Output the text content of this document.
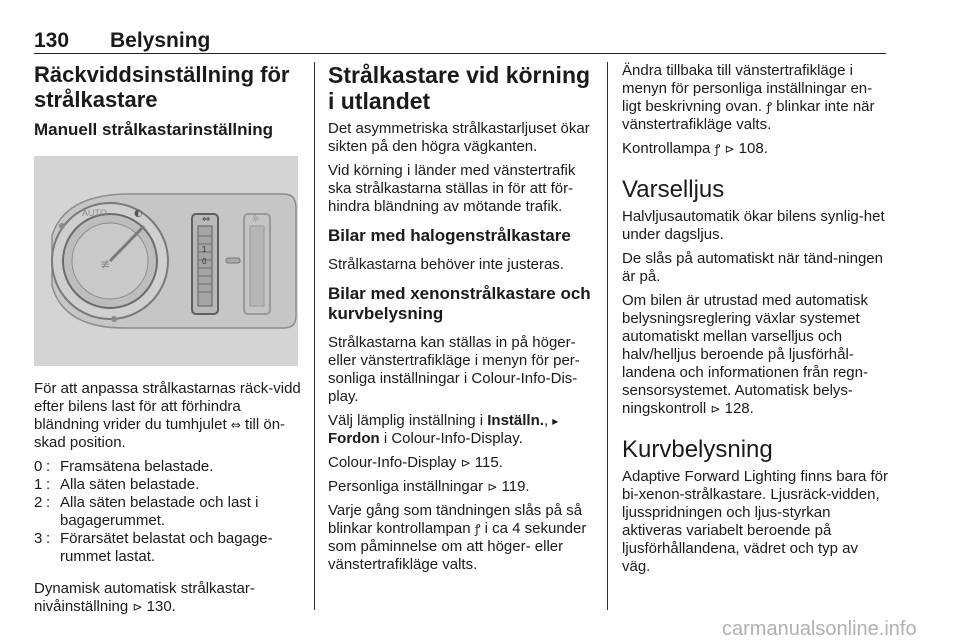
130	Belysning
Räckviddsinställning för strålkastare
Manuell strålkastarinställning
AUTO
≢
◐
⇔
1
0
☼

För att anpassa strålkastarnas räck-vidd efter bilens last för att förhindra bländning vrider du tumhjulet ⇔ till ön-skad position.

0 : Framsätena belastade.
1 : Alla säten belastade.
2 : Alla säten belastade och last i bagagerummet.
3 : Förarsätet belastat och bagage-rummet lastat.

Dynamisk automatisk strålkastar-nivåinställning ⊳ 130.

Strålkastare vid körning i utlandet

Det asymmetriska strålkastarljuset ökar sikten på den högra vägkanten.

Vid körning i länder med vänstertrafik ska strålkastarna ställas in för att för-hindra bländning av mötande trafik.

Bilar med halogenstrålkastare

Strålkastarna behöver inte justeras.

Bilar med xenonstrålkastare och kurvbelysning

Strålkastarna kan ställas in på höger- eller vänstertrafikläge i menyn för per-sonliga inställningar i Colour-Info-Dis-play.

Välj lämplig inställning i Inställn., ▸ Fordon i Colour-Info-Display.

Colour-Info-Display ⊳ 115.

Personliga inställningar ⊳ 119.

Varje gång som tändningen slås på så blinkar kontrollampan ꝭ i ca 4 sekunder som påminnelse om att höger- eller vänstertrafikläge valts.

Ändra tillbaka till vänstertrafikläge i menyn för personliga inställningar en-ligt beskrivning ovan. ꝭ blinkar inte när vänstertrafikläge valts.

Kontrollampa ꝭ ⊳ 108.

Varselljus

Halvljusautomatik ökar bilens synlig-het under dagsljus.

De slås på automatiskt när tänd-ningen är på.

Om bilen är utrustad med automatisk belysningsreglering växlar systemet automatiskt mellan varselljus och halv/helljus beroende på ljusförhål-landena och informationen från regn-sensorsystemet. Automatisk belys-ningskontroll ⊳ 128.

Kurvbelysning

Adaptive Forward Lighting finns bara för bi-xenon-strålkastare. Ljusräck-vidden, ljusspridningen och ljus-styrkan aktiveras variabelt beroende på ljusförhållandena, vädret och typ av väg.

carmanualsonline.info
